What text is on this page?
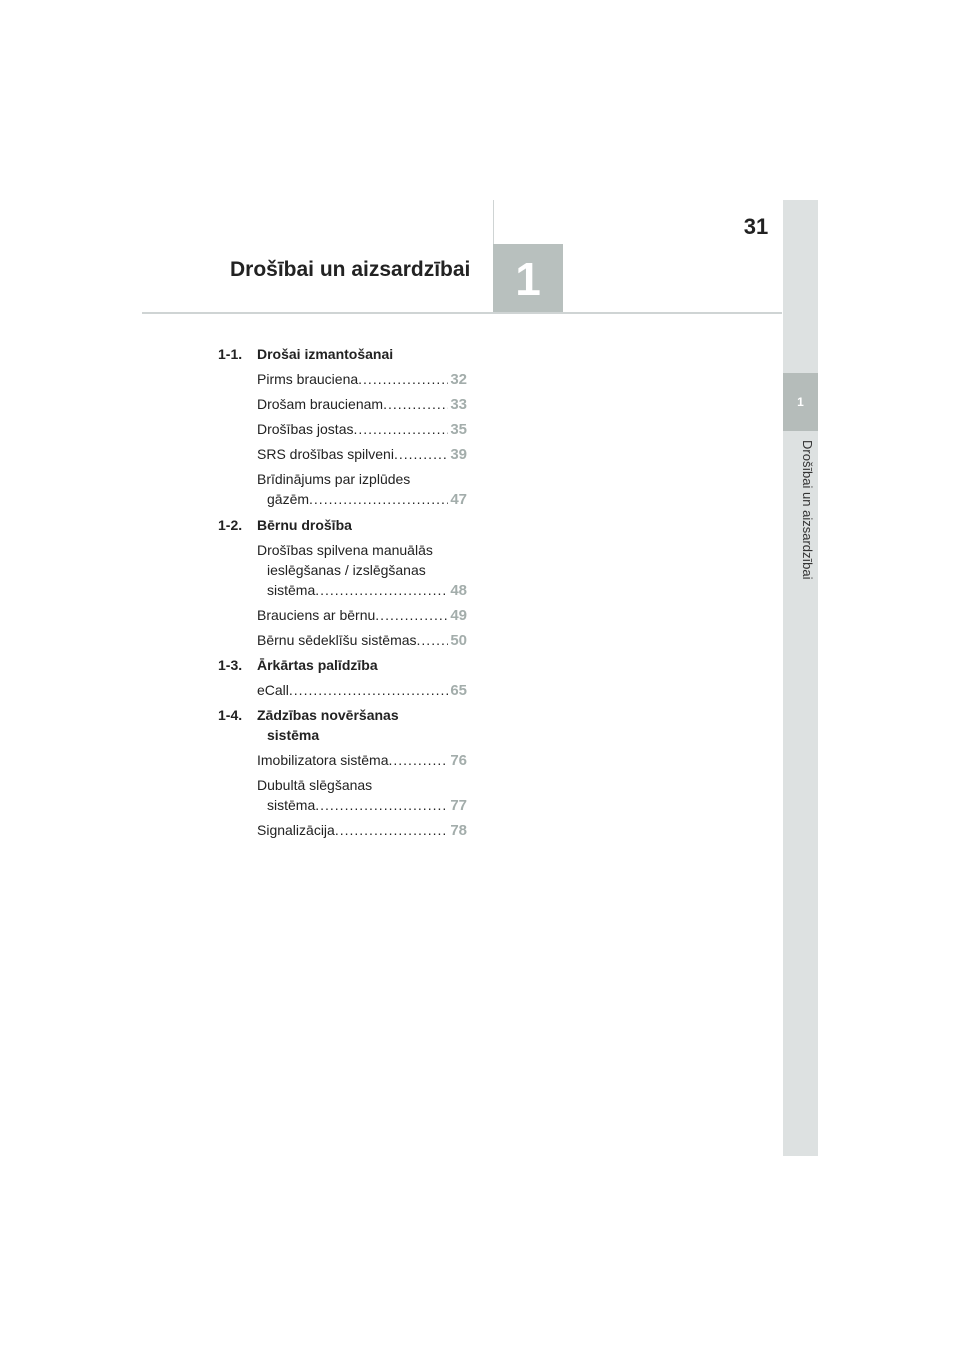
31
1
Drošībai un aizsardzībai
1
Drošībai un aizsardzībai
1-1. Drošai izmantošanai
Pirms brauciena .....	32
Drošam braucienam .....	33
Drošības jostas .....	35
SRS drošības spilveni .....	39
Brīdinājums par izplūdes
gāzēm .....	47
1-2. Bērnu drošība
Drošības spilvena manuālās
ieslēgšanas / izslēgšanas
sistēma .....	48
Brauciens ar bērnu .....	49
Bērnu sēdeklīšu sistēmas ..... 50
1-3. Ārkārtas palīdzība
eCall .....	65
1-4. Zādzības novēršanas
sistēma
Imobilizatora sistēma .....	76
Dubultā slēgšanas
sistēma .....	77
Signalizācija .....	78
